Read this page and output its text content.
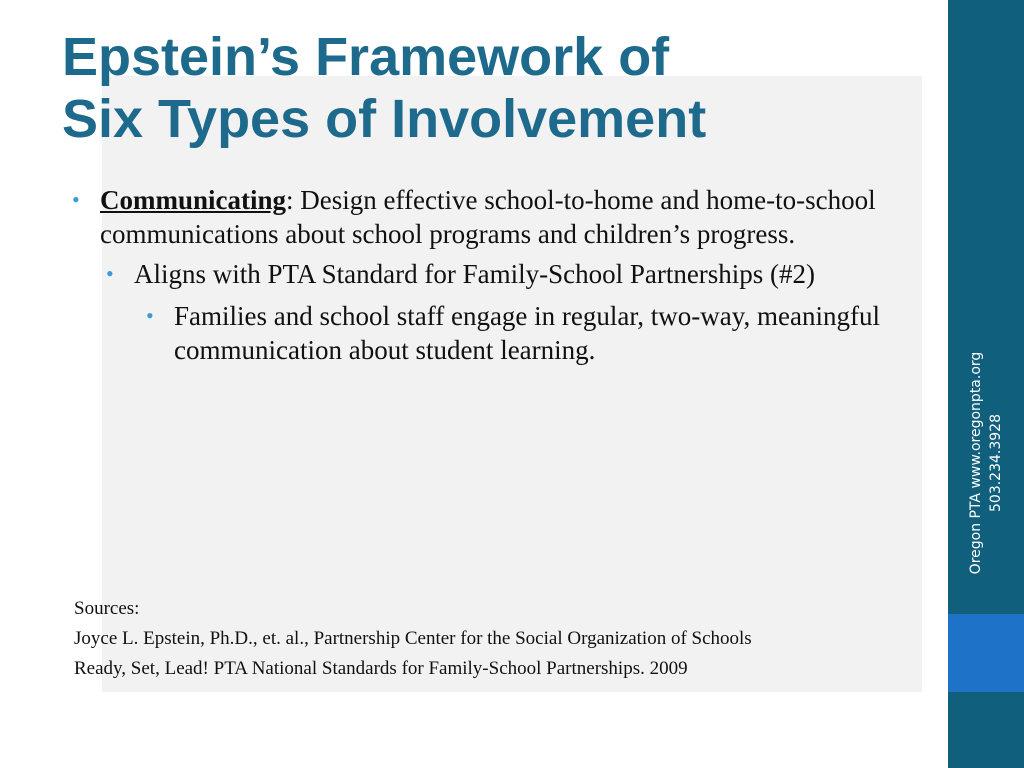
Epstein’s Framework of
Six Types of Involvement
• Communicating: Design effective school-to-home and home-to-school communications about school programs and children’s progress.
• Aligns with PTA Standard for Family-School Partnerships (#2)
• Families and school staff engage in regular, two-way, meaningful communication about student learning.
Sources:
Joyce L. Epstein, Ph.D., et. al., Partnership Center for the Social Organization of Schools
Ready, Set, Lead! PTA National Standards for Family-School Partnerships. 2009
Oregon PTA www.oregonpta.org 503.234.3928
